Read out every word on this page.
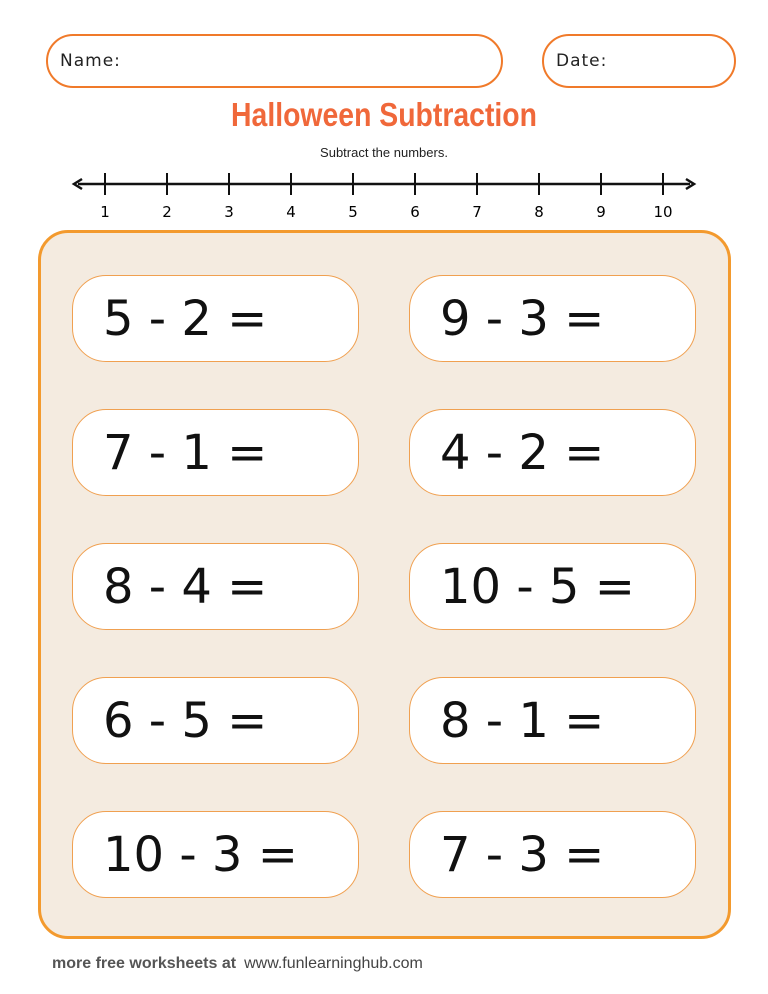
Name:	Date:
Halloween Subtraction
Subtract the numbers.
1	2	3	4	5	6	7	8	9	10
5 - 2 =	9 - 3 =
7 - 1 =	4 - 2 =
8 - 4 =	10 - 5 =
6 - 5 =	8 - 1 =
10 - 3 =	7 - 3 =
more free worksheets at www.funlearninghub.com
